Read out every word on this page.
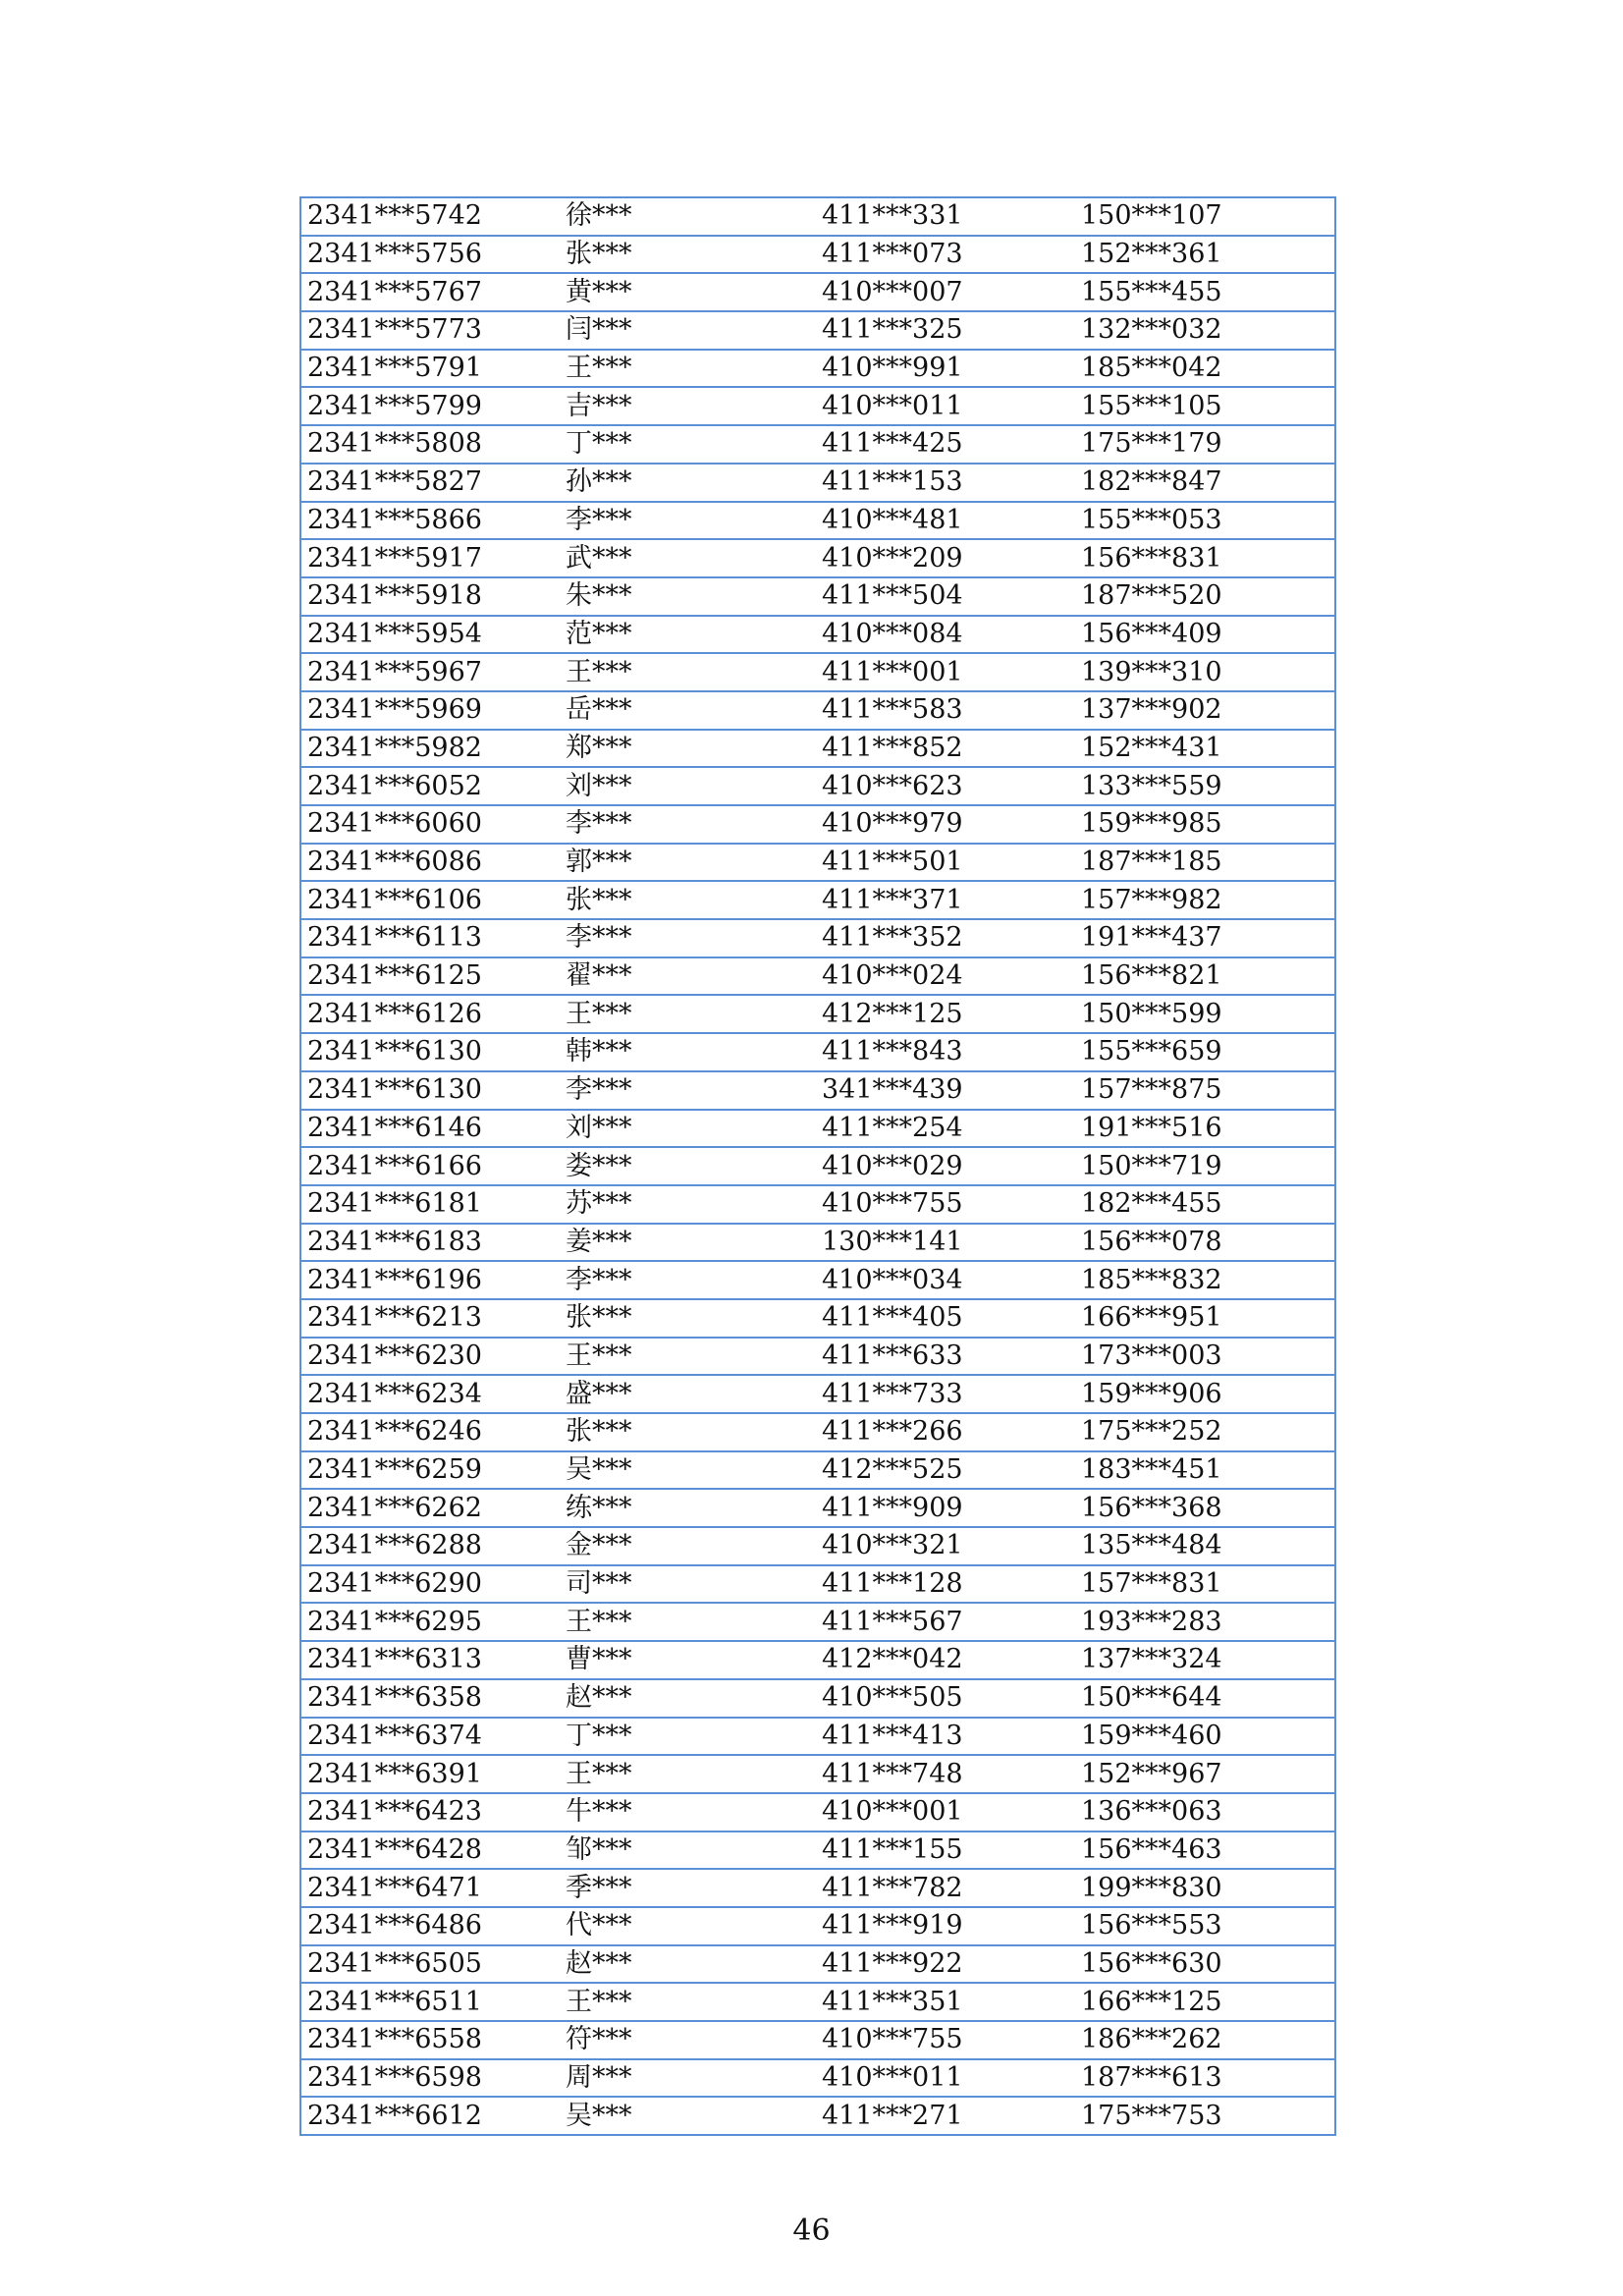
2341***5742	徐***	411***331	150***107
2341***5756	张***	411***073	152***361
2341***5767	黄***	410***007	155***455
2341***5773	闫***	411***325	132***032
2341***5791	王***	410***991	185***042
2341***5799	吉***	410***011	155***105
2341***5808	丁***	411***425	175***179
2341***5827	孙***	411***153	182***847
2341***5866	李***	410***481	155***053
2341***5917	武***	410***209	156***831
2341***5918	朱***	411***504	187***520
2341***5954	范***	410***084	156***409
2341***5967	王***	411***001	139***310
2341***5969	岳***	411***583	137***902
2341***5982	郑***	411***852	152***431
2341***6052	刘***	410***623	133***559
2341***6060	李***	410***979	159***985
2341***6086	郭***	411***501	187***185
2341***6106	张***	411***371	157***982
2341***6113	李***	411***352	191***437
2341***6125	翟***	410***024	156***821
2341***6126	王***	412***125	150***599
2341***6130	韩***	411***843	155***659
2341***6130	李***	341***439	157***875
2341***6146	刘***	411***254	191***516
2341***6166	娄***	410***029	150***719
2341***6181	苏***	410***755	182***455
2341***6183	姜***	130***141	156***078
2341***6196	李***	410***034	185***832
2341***6213	张***	411***405	166***951
2341***6230	王***	411***633	173***003
2341***6234	盛***	411***733	159***906
2341***6246	张***	411***266	175***252
2341***6259	吴***	412***525	183***451
2341***6262	练***	411***909	156***368
2341***6288	金***	410***321	135***484
2341***6290	司***	411***128	157***831
2341***6295	王***	411***567	193***283
2341***6313	曹***	412***042	137***324
2341***6358	赵***	410***505	150***644
2341***6374	丁***	411***413	159***460
2341***6391	王***	411***748	152***967
2341***6423	牛***	410***001	136***063
2341***6428	邹***	411***155	156***463
2341***6471	季***	411***782	199***830
2341***6486	代***	411***919	156***553
2341***6505	赵***	411***922	156***630
2341***6511	王***	411***351	166***125
2341***6558	符***	410***755	186***262
2341***6598	周***	410***011	187***613
2341***6612	吴***	411***271	175***753
46
